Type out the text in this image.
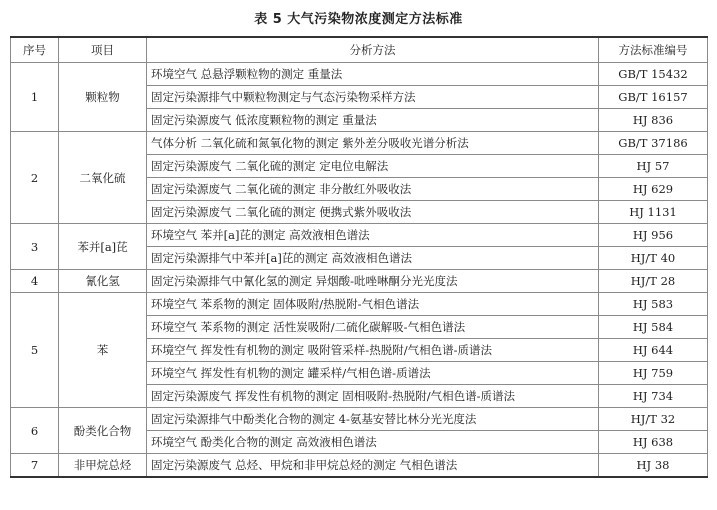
表 5 大气污染物浓度测定方法标准
序号	项目	分析方法	方法标准编号
1	颗粒物	环境空气 总悬浮颗粒物的测定 重量法	GB/T 15432
		固定污染源排气中颗粒物测定与气态污染物采样方法	GB/T 16157
		固定污染源废气 低浓度颗粒物的测定 重量法	HJ 836
2	二氧化硫	气体分析 二氧化硫和氮氧化物的测定 紫外差分吸收光谱分析法	GB/T 37186
		固定污染源废气 二氧化硫的测定 定电位电解法	HJ 57
		固定污染源废气 二氧化硫的测定 非分散红外吸收法	HJ 629
		固定污染源废气 二氧化硫的测定 便携式紫外吸收法	HJ 1131
3	苯并[a]芘	环境空气 苯并[a]芘的测定 高效液相色谱法	HJ 956
		固定污染源排气中苯并[a]芘的测定 高效液相色谱法	HJ/T 40
4	氰化氢	固定污染源排气中氰化氢的测定 异烟酸-吡唑啉酮分光光度法	HJ/T 28
5	苯	环境空气 苯系物的测定 固体吸附/热脱附-气相色谱法	HJ 583
		环境空气 苯系物的测定 活性炭吸附/二硫化碳解吸-气相色谱法	HJ 584
		环境空气 挥发性有机物的测定 吸附管采样-热脱附/气相色谱-质谱法	HJ 644
		环境空气 挥发性有机物的测定 罐采样/气相色谱-质谱法	HJ 759
		固定污染源废气 挥发性有机物的测定 固相吸附-热脱附/气相色谱-质谱法	HJ 734
6	酚类化合物	固定污染源排气中酚类化合物的测定 4-氨基安替比林分光光度法	HJ/T 32
		环境空气 酚类化合物的测定 高效液相色谱法	HJ 638
7	非甲烷总烃	固定污染源废气 总烃、甲烷和非甲烷总烃的测定 气相色谱法	HJ 38
